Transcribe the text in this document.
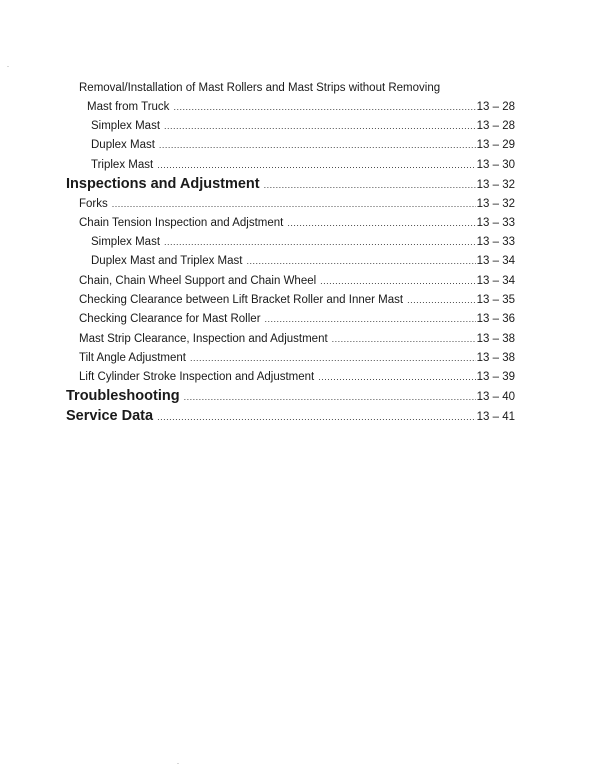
Removal/Installation of Mast Rollers and Mast Strips without Removing
Mast from Truck .....	13 – 28
Simplex Mast .....	13 – 28
Duplex Mast .....	13 – 29
Triplex Mast .....	13 – 30
Inspections and Adjustment .....	13 – 32
Forks .....	13 – 32
Chain Tension Inspection and Adjstment .....	13 – 33
Simplex Mast .....	13 – 33
Duplex Mast and Triplex Mast .....	13 – 34
Chain, Chain Wheel Support and Chain Wheel .....	13 – 34
Checking Clearance between Lift Bracket Roller and Inner Mast .....	13 – 35
Checking Clearance for Mast Roller .....	13 – 36
Mast Strip Clearance, Inspection and Adjustment .....	13 – 38
Tilt Angle Adjustment .....	13 – 38
Lift Cylinder Stroke Inspection and Adjustment .....	13 – 39
Troubleshooting .....	13 – 40
Service Data .....	13 – 41
